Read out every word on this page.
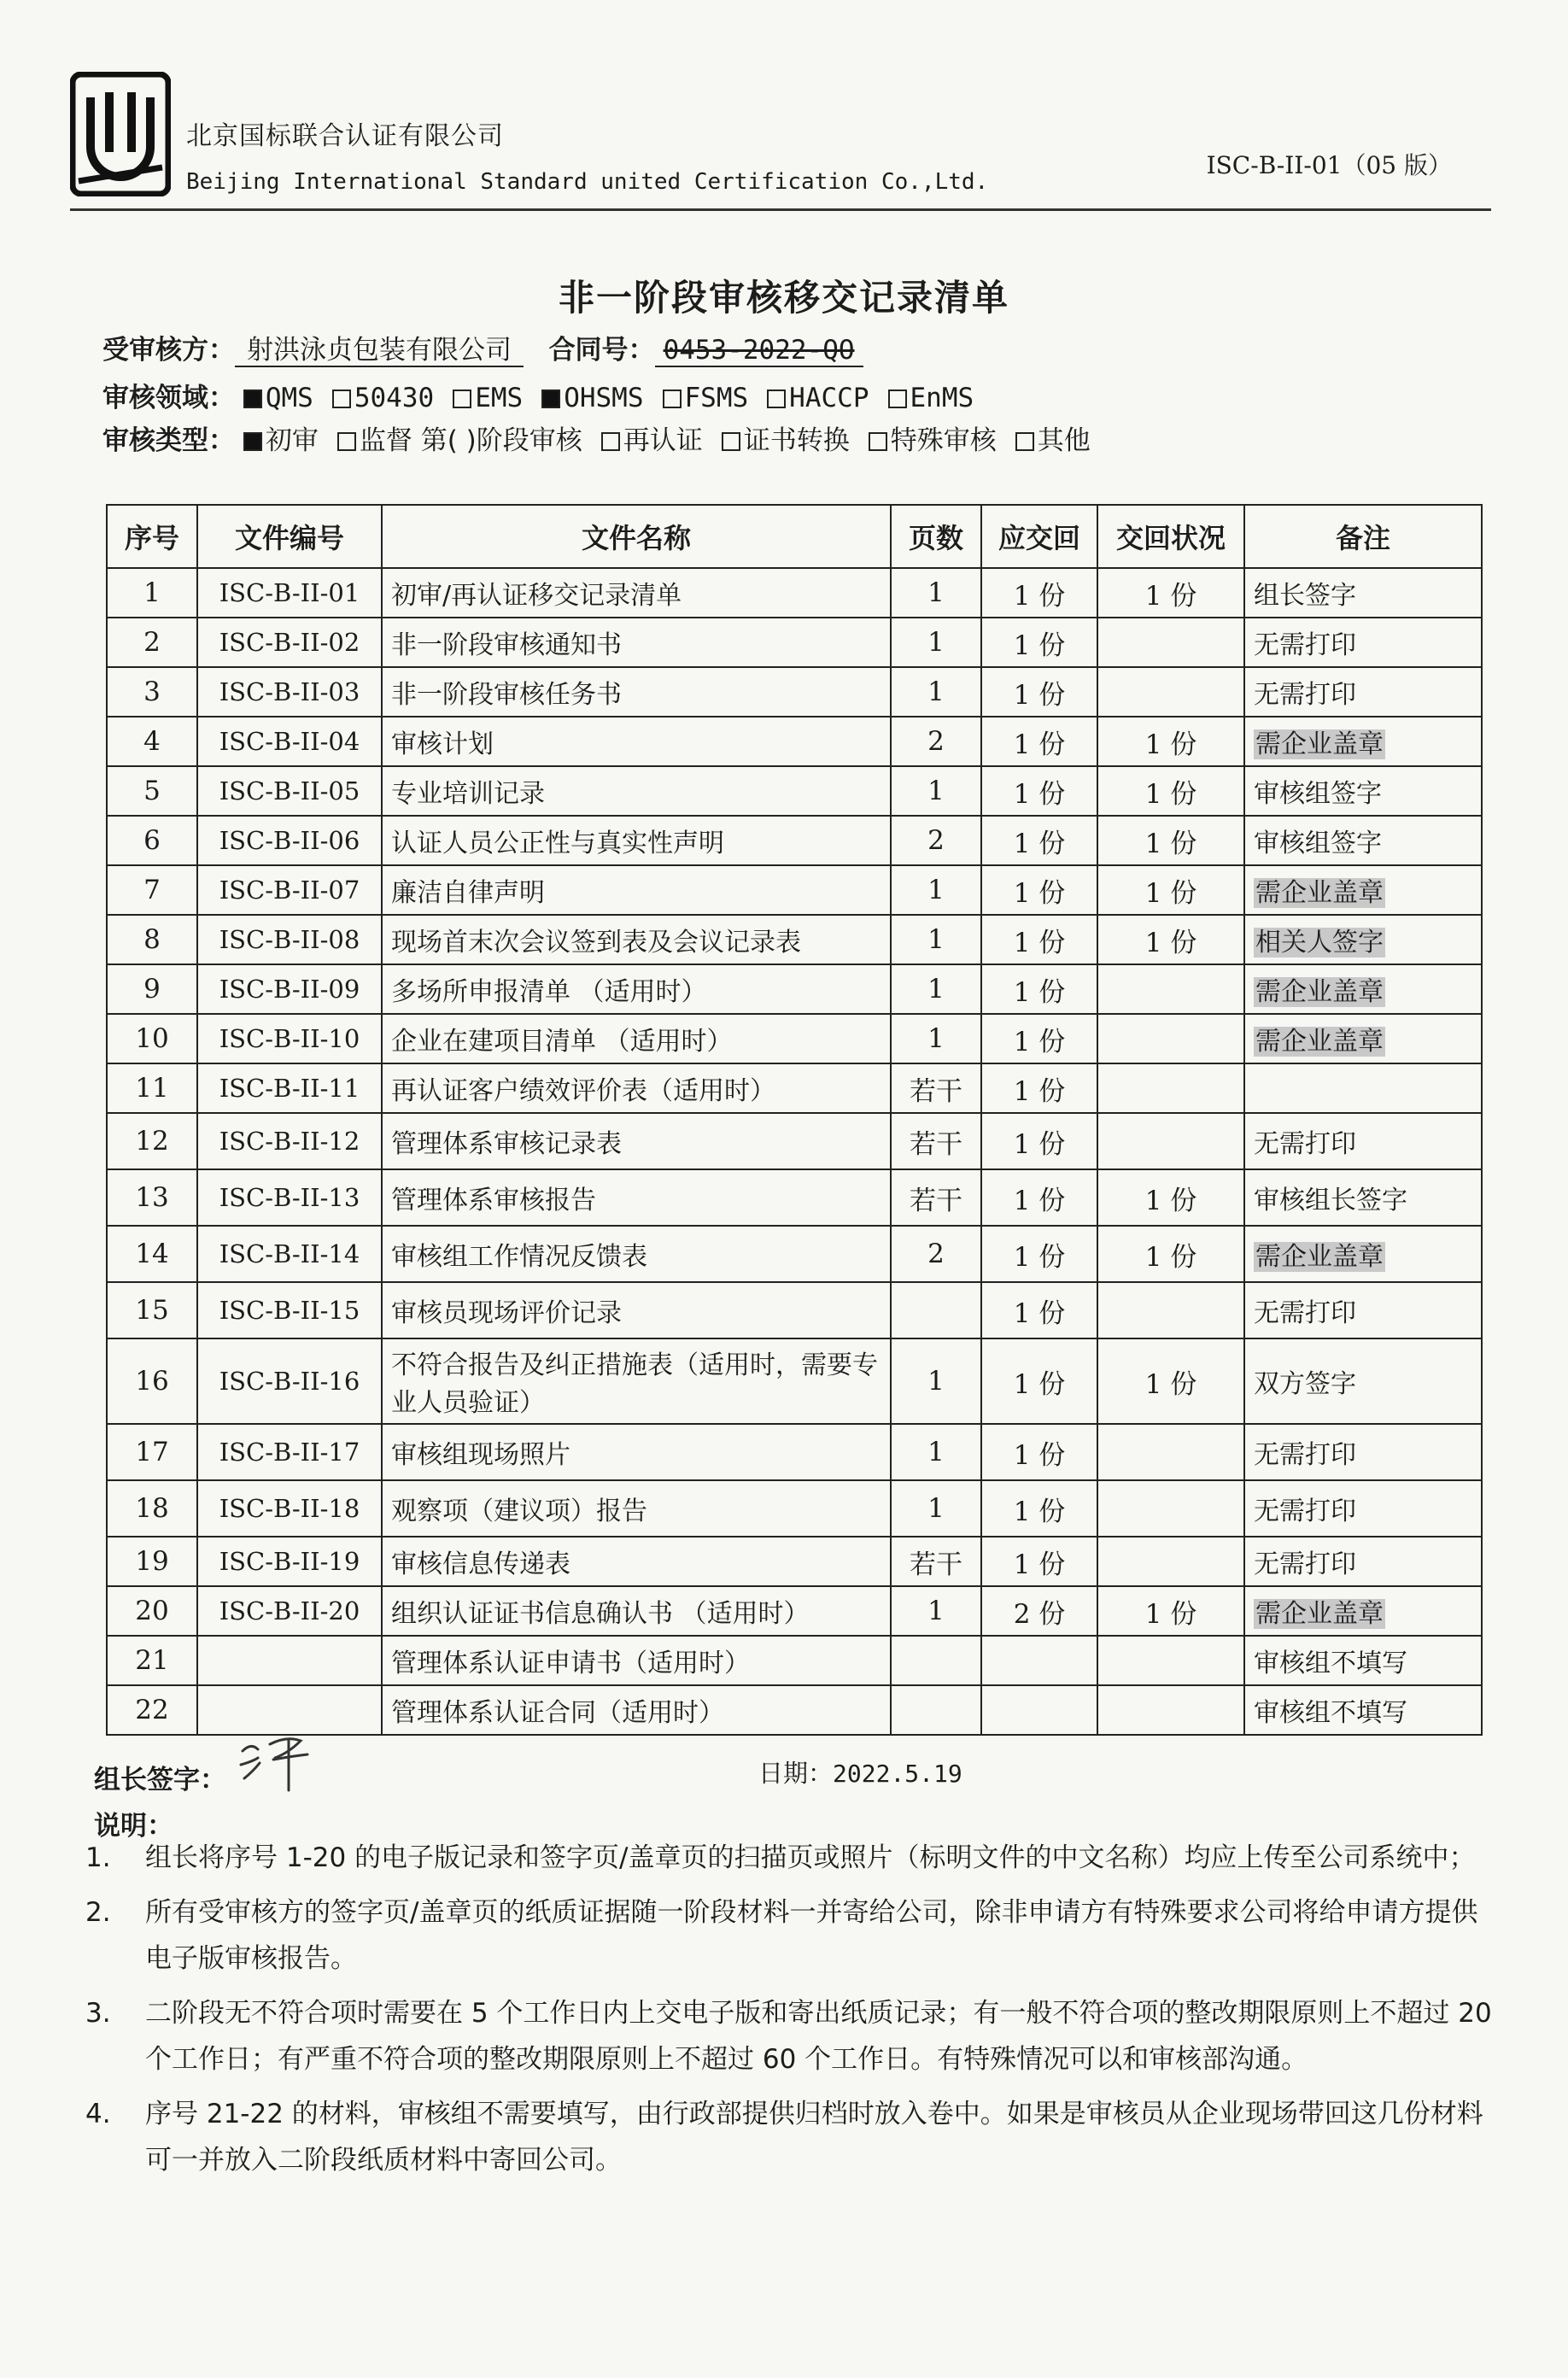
北京国标联合认证有限公司
Beijing International Standard united Certification Co.,Ltd.
ISC-B-II-01（05 版）
非一阶段审核移交记录清单
受审核方： 射洪泳贞包装有限公司 合同号： 0453-2022-QO
审核领域： QMS 50430 EMS OHSMS FSMS HACCP EnMS
审核类型： 初审 监督 第( )阶段审核 再认证 证书转换 特殊审核 其他
序号	文件编号	文件名称	页数	应交回	交回状况	备注
1	ISC-B-II-01	初审/再认证移交记录清单	1	1 份	1 份	组长签字
2	ISC-B-II-02	非一阶段审核通知书	1	1 份		无需打印
3	ISC-B-II-03	非一阶段审核任务书	1	1 份		无需打印
4	ISC-B-II-04	审核计划	2	1 份	1 份	需企业盖章
5	ISC-B-II-05	专业培训记录	1	1 份	1 份	审核组签字
6	ISC-B-II-06	认证人员公正性与真实性声明	2	1 份	1 份	审核组签字
7	ISC-B-II-07	廉洁自律声明	1	1 份	1 份	需企业盖章
8	ISC-B-II-08	现场首末次会议签到表及会议记录表	1	1 份	1 份	相关人签字
9	ISC-B-II-09	多场所申报清单 （适用时）	1	1 份		需企业盖章
10	ISC-B-II-10	企业在建项目清单 （适用时）	1	1 份		需企业盖章
11	ISC-B-II-11	再认证客户绩效评价表（适用时）	若干	1 份		
12	ISC-B-II-12	管理体系审核记录表	若干	1 份		无需打印
13	ISC-B-II-13	管理体系审核报告	若干	1 份	1 份	审核组长签字
14	ISC-B-II-14	审核组工作情况反馈表	2	1 份	1 份	需企业盖章
15	ISC-B-II-15	审核员现场评价记录		1 份		无需打印
16	ISC-B-II-16	不符合报告及纠正措施表（适用时，需要专业人员验证）	1	1 份	1 份	双方签字
17	ISC-B-II-17	审核组现场照片	1	1 份		无需打印
18	ISC-B-II-18	观察项（建议项）报告	1	1 份		无需打印
19	ISC-B-II-19	审核信息传递表	若干	1 份		无需打印
20	ISC-B-II-20	组织认证证书信息确认书 （适用时）	1	2 份	1 份	需企业盖章
21		管理体系认证申请书（适用时）				审核组不填写
22		管理体系认证合同（适用时）				审核组不填写
组长签字：	日期：2022.5.19
说明：
1. 组长将序号 1-20 的电子版记录和签字页/盖章页的扫描页或照片（标明文件的中文名称）均应上传至公司系统中；
2. 所有受审核方的签字页/盖章页的纸质证据随一阶段材料一并寄给公司，除非申请方有特殊要求公司将给申请方提供电子版审核报告。
3. 二阶段无不符合项时需要在 5 个工作日内上交电子版和寄出纸质记录；有一般不符合项的整改期限原则上不超过 20 个工作日；有严重不符合项的整改期限原则上不超过 60 个工作日。有特殊情况可以和审核部沟通。
4. 序号 21-22 的材料，审核组不需要填写，由行政部提供归档时放入卷中。如果是审核员从企业现场带回这几份材料可一并放入二阶段纸质材料中寄回公司。
